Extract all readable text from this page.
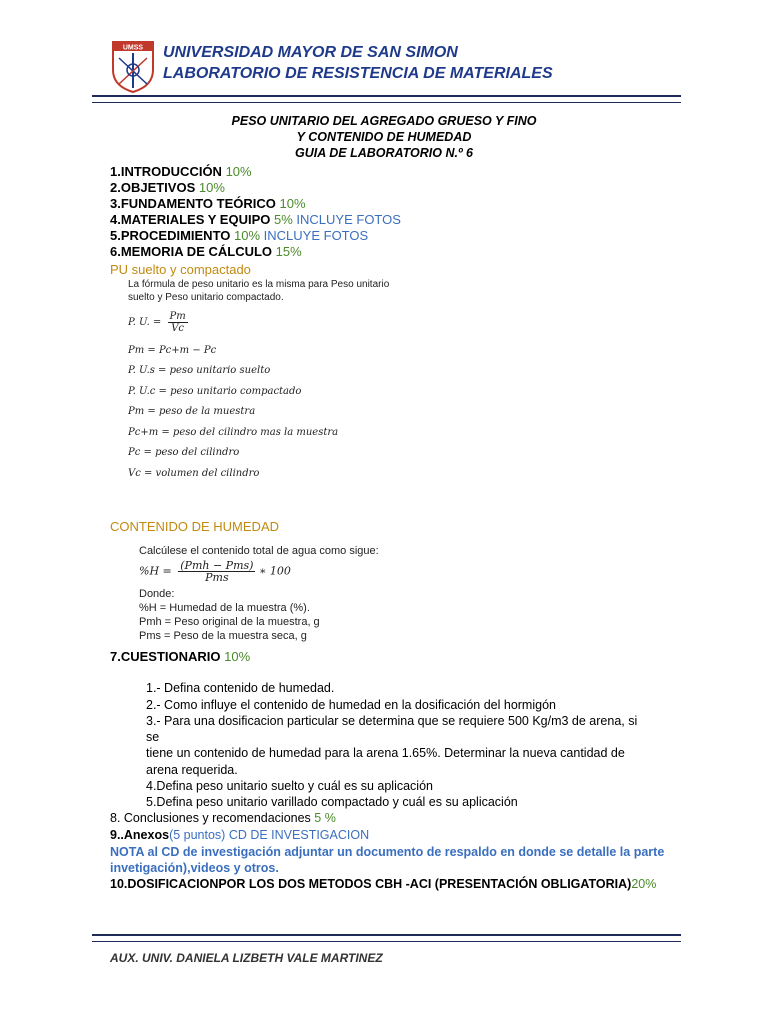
UMSS UNIVERSIDAD MAYOR DE SAN SIMON
LABORATORIO DE RESISTENCIA DE MATERIALES
PESO UNITARIO DEL AGREGADO GRUESO Y FINO
Y CONTENIDO DE HUMEDAD
GUIA DE LABORATORIO N.º 6
1.INTRODUCCIÓN 10%
2.OBJETIVOS 10%
3.FUNDAMENTO TEÓRICO 10%
4.MATERIALES Y EQUIPO 5% INCLUYE FOTOS
5.PROCEDIMIENTO 10% INCLUYE FOTOS
6.MEMORIA DE CÁLCULO 15%
PU suelto y compactado
La fórmula de peso unitario es la misma para Peso unitario
suelto y Peso unitario compactado.
P. U. = $\frac{Pm}{Vc}$
Pm = Pc+m − Pc
P. U.s = peso unitario suelto
P. U.c = peso unitario compactado
Pm = peso de la muestra
Pc+m = peso del cilindro mas la muestra
Pc = peso del cilindro
Vc = volumen del cilindro
CONTENIDO DE HUMEDAD
Calcúlese el contenido total de agua como sigue:
$\%H = \frac{\text{(Pmh − Pms)}}{\text{Pms}}$ ∗ 100
Donde:
%H = Humedad de la muestra (%).
Pmh = Peso original de la muestra, g
Pms = Peso de la muestra seca, g
7.CUESTIONARIO 10%
1.- Defina contenido de humedad.
2.- Como influye el contenido de humedad en la dosificación del hormigón
3.- Para una dosificacion particular se determina que se requiere 500 Kg/m3 de arena, si
se
tiene un contenido de humedad para la arena 1.65%. Determinar la nueva cantidad de
arena requerida.
4.Defina peso unitario suelto y cuál es su aplicación
5.Defina peso unitario varillado compactado y cuál es su aplicación
8. Conclusiones y recomendaciones 5 %
9..Anexos(5 puntos) CD DE INVESTIGACION
NOTA al CD de investigación adjuntar un documento de respaldo en donde se detalle la parte
invetigación),videos y otros.
10.DOSIFICACIONPOR LOS DOS METODOS CBH -ACI (PRESENTACIÓN OBLIGATORIA)20%
AUX. UNIV. DANIELA LIZBETH VALE MARTINEZ
